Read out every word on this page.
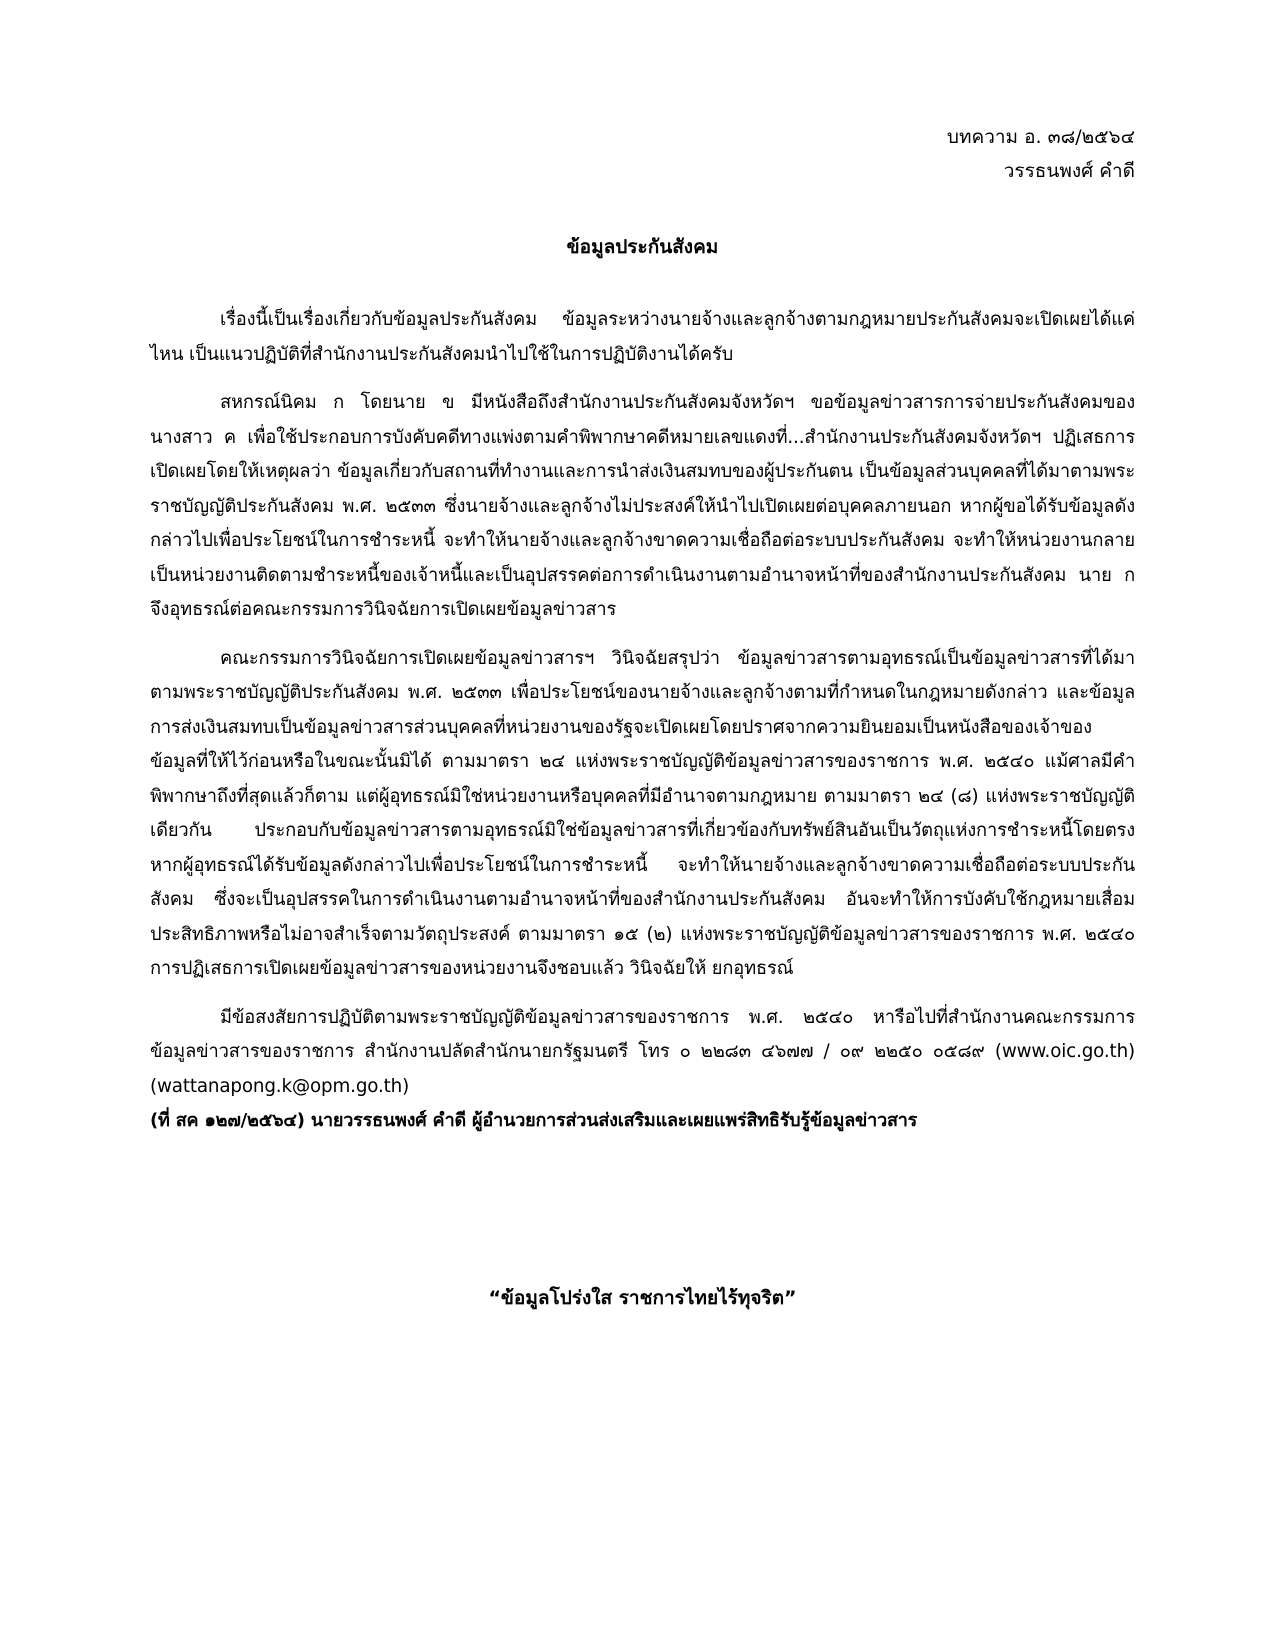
บทความ อ. ๓๘/๒๕๖๔
วรรธนพงศ์ คำดี
ข้อมูลประกันสังคม

เรื่องนี้เป็นเรื่องเกี่ยวกับข้อมูลประกันสังคม ข้อมูลระหว่างนายจ้างและลูกจ้างตามกฎหมายประกันสังคมจะเปิดเผยได้แค่ไหน เป็นแนวปฏิบัติที่สำนักงานประกันสังคมนำไปใช้ในการปฏิบัติงานได้ครับ

สหกรณ์นิคม ก โดยนาย ข มีหนังสือถึงสำนักงานประกันสังคมจังหวัดฯ ขอข้อมูลข่าวสารการจ่ายประกันสังคมของนางสาว ค เพื่อใช้ประกอบการบังคับคดีทางแพ่งตามคำพิพากษาคดีหมายเลขแดงที่...สำนักงานประกันสังคมจังหวัดฯ ปฏิเสธการเปิดเผยโดยให้เหตุผลว่า ข้อมูลเกี่ยวกับสถานที่ทำงานและการนำส่งเงินสมทบของผู้ประกันตน เป็นข้อมูลส่วนบุคคลที่ได้มาตามพระราชบัญญัติประกันสังคม พ.ศ. ๒๕๓๓ ซึ่งนายจ้างและลูกจ้างไม่ประสงค์ให้นำไปเปิดเผยต่อบุคคลภายนอก หากผู้ขอได้รับข้อมูลดังกล่าวไปเพื่อประโยชน์ในการชำระหนี้ จะทำให้นายจ้างและลูกจ้างขาดความเชื่อถือต่อระบบประกันสังคม จะทำให้หน่วยงานกลายเป็นหน่วยงานติดตามชำระหนี้ของเจ้าหนี้และเป็นอุปสรรคต่อการดำเนินงานตามอำนาจหน้าที่ของสำนักงานประกันสังคม นาย ก จึงอุทธรณ์ต่อคณะกรรมการวินิจฉัยการเปิดเผยข้อมูลข่าวสาร

คณะกรรมการวินิจฉัยการเปิดเผยข้อมูลข่าวสารฯ วินิจฉัยสรุปว่า ข้อมูลข่าวสารตามอุทธรณ์เป็นข้อมูลข่าวสารที่ได้มาตามพระราชบัญญัติประกันสังคม พ.ศ. ๒๕๓๓ เพื่อประโยชน์ของนายจ้างและลูกจ้างตามที่กำหนดในกฎหมายดังกล่าว และข้อมูลการส่งเงินสมทบเป็นข้อมูลข่าวสารส่วนบุคคลที่หน่วยงานของรัฐจะเปิดเผยโดยปราศจากความยินยอมเป็นหนังสือของเจ้าของข้อมูลที่ให้ไว้ก่อนหรือในขณะนั้นมิได้ ตามมาตรา ๒๔ แห่งพระราชบัญญัติข้อมูลข่าวสารของราชการ พ.ศ. ๒๕๔๐ แม้ศาลมีคำพิพากษาถึงที่สุดแล้วก็ตาม แต่ผู้อุทธรณ์มิใช่หน่วยงานหรือบุคคลที่มีอำนาจตามกฎหมาย ตามมาตรา ๒๔ (๘) แห่งพระราชบัญญัติเดียวกัน ประกอบกับข้อมูลข่าวสารตามอุทธรณ์มิใช่ข้อมูลข่าวสารที่เกี่ยวข้องกับทรัพย์สินอันเป็นวัตถุแห่งการชำระหนี้โดยตรง หากผู้อุทธรณ์ได้รับข้อมูลดังกล่าวไปเพื่อประโยชน์ในการชำระหนี้ จะทำให้นายจ้างและลูกจ้างขาดความเชื่อถือต่อระบบประกันสังคม ซึ่งจะเป็นอุปสรรคในการดำเนินงานตามอำนาจหน้าที่ของสำนักงานประกันสังคม อันจะทำให้การบังคับใช้กฎหมายเสื่อมประสิทธิภาพหรือไม่อาจสำเร็จตามวัตถุประสงค์ ตามมาตรา ๑๕ (๒) แห่งพระราชบัญญัติข้อมูลข่าวสารของราชการ พ.ศ. ๒๕๔๐ การปฏิเสธการเปิดเผยข้อมูลข่าวสารของหน่วยงานจึงชอบแล้ว วินิจฉัยให้ ยกอุทธรณ์

มีข้อสงสัยการปฏิบัติตามพระราชบัญญัติข้อมูลข่าวสารของราชการ พ.ศ. ๒๕๔๐ หารือไปที่สำนักงานคณะกรรมการข้อมูลข่าวสารของราชการ สำนักงานปลัดสำนักนายกรัฐมนตรี โทร ๐ ๒๒๘๓ ๔๖๗๗ / ๐๙ ๒๒๕๐ ๐๕๘๙ (www.oic.go.th) (wattanapong.k@opm.go.th)

(ที่ สค ๑๒๗/๒๕๖๔) นายวรรธนพงศ์ คำดี ผู้อำนวยการส่วนส่งเสริมและเผยแพร่สิทธิรับรู้ข้อมูลข่าวสาร

“ข้อมูลโปร่งใส ราชการไทยไร้ทุจริต”
